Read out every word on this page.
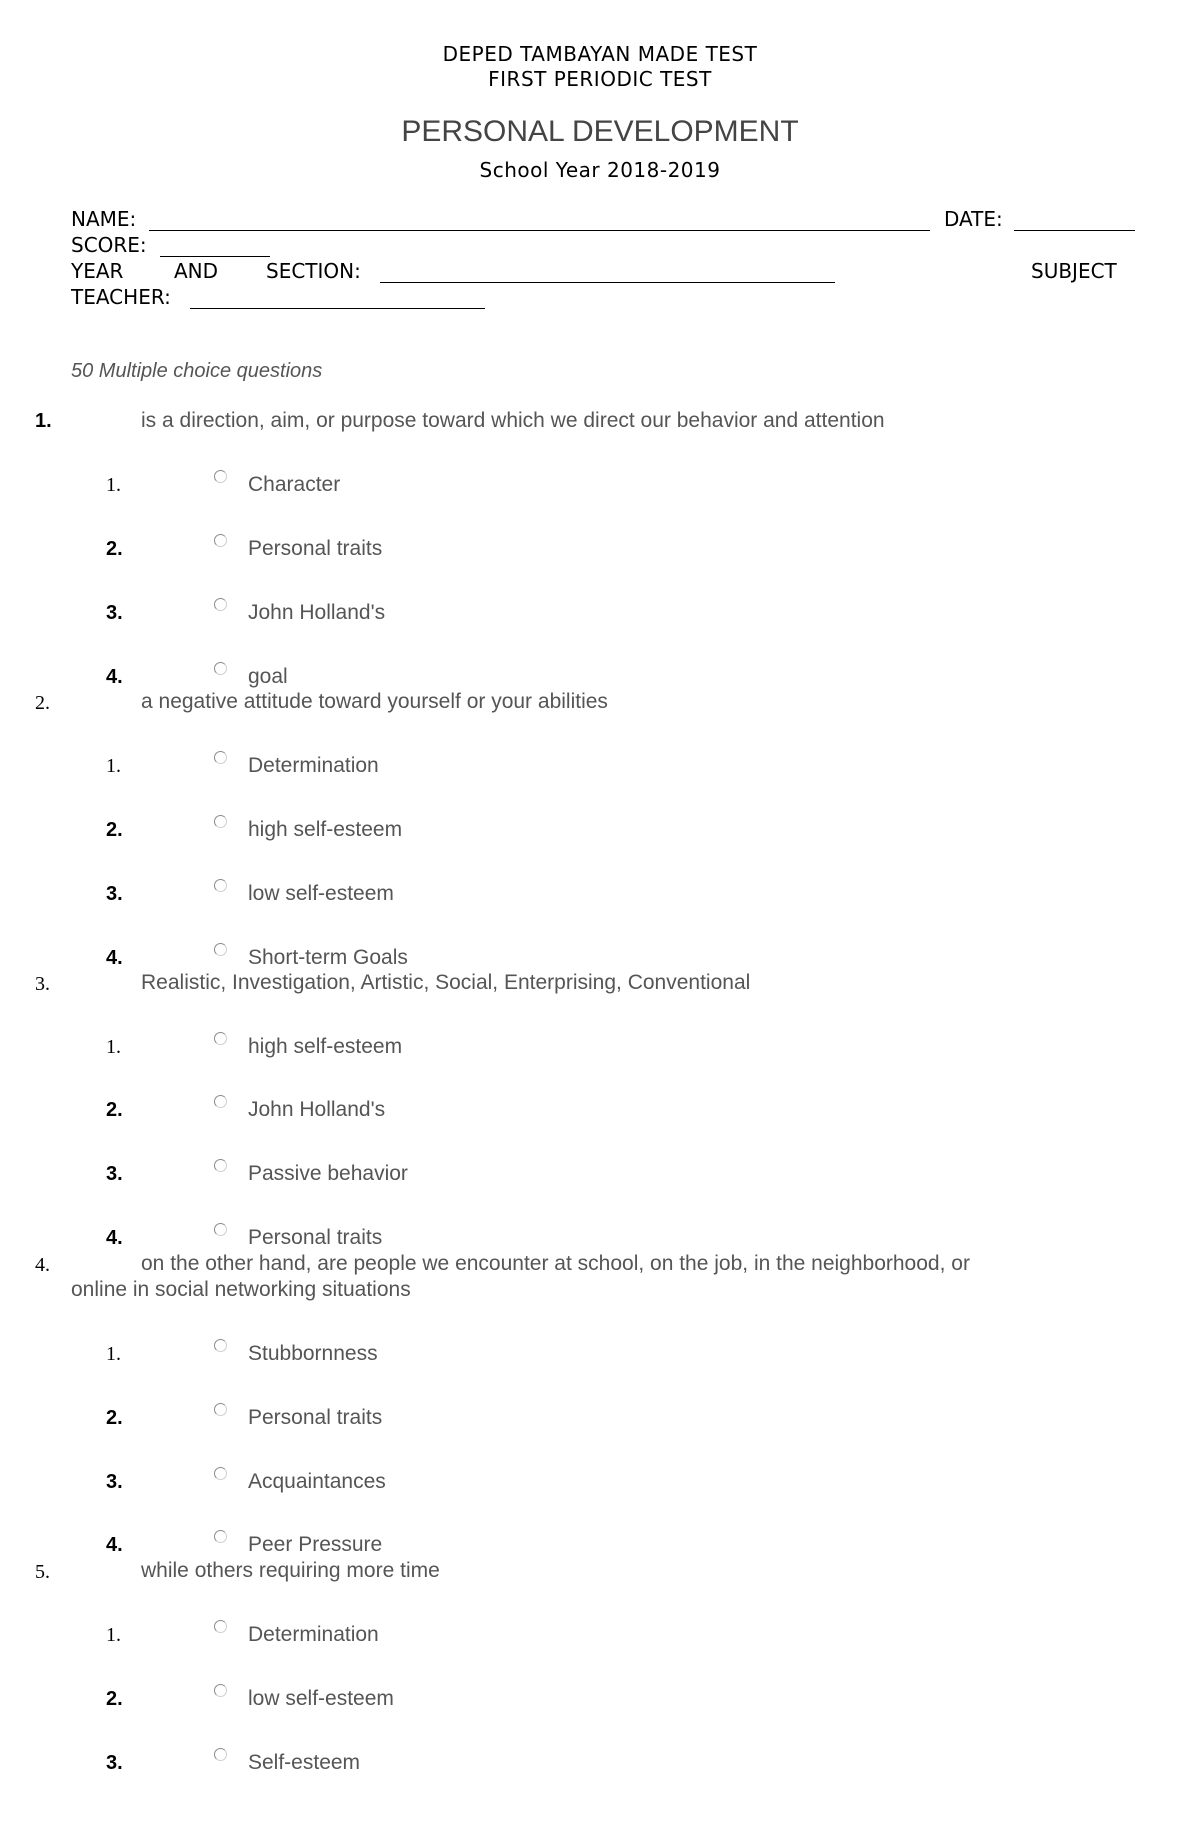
DEPED TAMBAYAN MADE TEST
FIRST PERIODIC TEST
PERSONAL DEVELOPMENT
School Year 2018-2019
NAME:	DATE:
SCORE:
YEAR	AND SECTION:	SUBJECT
TEACHER:
50 Multiple choice questions
1.	is a direction, aim, or purpose toward which we direct our behavior and attention
1.	Character
2.	Personal traits
3.	John Holland's
4.	goal
2.	a negative attitude toward yourself or your abilities
1.	Determination
2.	high self-esteem
3.	low self-esteem
4.	Short-term Goals
3.	Realistic, Investigation, Artistic, Social, Enterprising, Conventional
1.	high self-esteem
2.	John Holland's
3.	Passive behavior
4.	Personal traits
4.	on the other hand, are people we encounter at school, on the job, in the neighborhood, or
online in social networking situations
1.	Stubbornness
2.	Personal traits
3.	Acquaintances
4.	Peer Pressure
5.	while others requiring more time
1.	Determination
2.	low self-esteem
3.	Self-esteem
